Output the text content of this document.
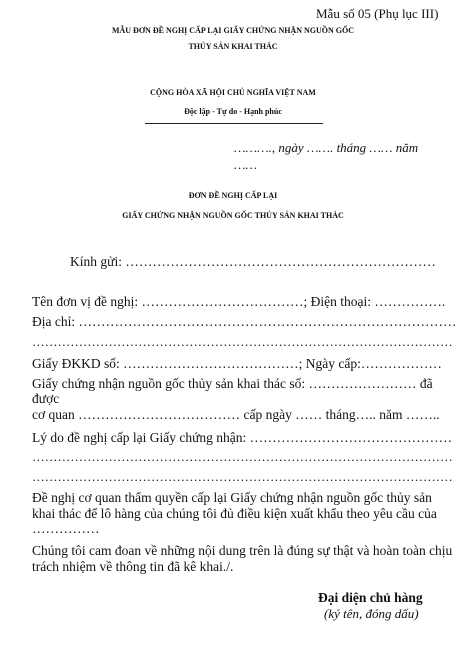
Mẫu số 05 (Phụ lục III)
MẪU ĐƠN ĐỀ NGHỊ CẤP LẠI GIẤY CHỨNG NHẬN NGUỒN GỐC
THỦY SẢN KHAI THÁC
CỘNG HÒA XÃ HỘI CHỦ NGHĨA VIỆT NAM
Độc lập - Tự do - Hạnh phúc
………., ngày ……. tháng …… năm
……
ĐƠN ĐỀ NGHỊ CẤP LẠI
GIẤY CHỨNG NHẬN NGUỒN GỐC THỦY SẢN KHAI THÁC
Kính gửi: ……………………………………………………………
Tên đơn vị đề nghị: ………………………………; Điện thoại: …………….
Địa chỉ: …………………………………………………………………………
………………………………………………………………………………………
Giấy ĐKKD số: …………………………………; Ngày cấp:………………
Giấy chứng nhận nguồn gốc thủy sản khai thác số: …………………… đã
được
cơ quan ……………………………… cấp ngày …… tháng….. năm ……..
Lý do đề nghị cấp lại Giấy chứng nhận: ………………………………………
………………………………………………………………………………………
………………………………………………………………………………………
Đề nghị cơ quan thẩm quyền cấp lại Giấy chứng nhận nguồn gốc thủy sản
khai thác để lô hàng của chúng tôi đủ điều kiện xuất khẩu theo yêu cầu của
……………
Chúng tôi cam đoan về những nội dung trên là đúng sự thật và hoàn toàn chịu
trách nhiệm về thông tin đã kê khai./.
Đại diện chủ hàng
(ký tên, đóng dấu)
